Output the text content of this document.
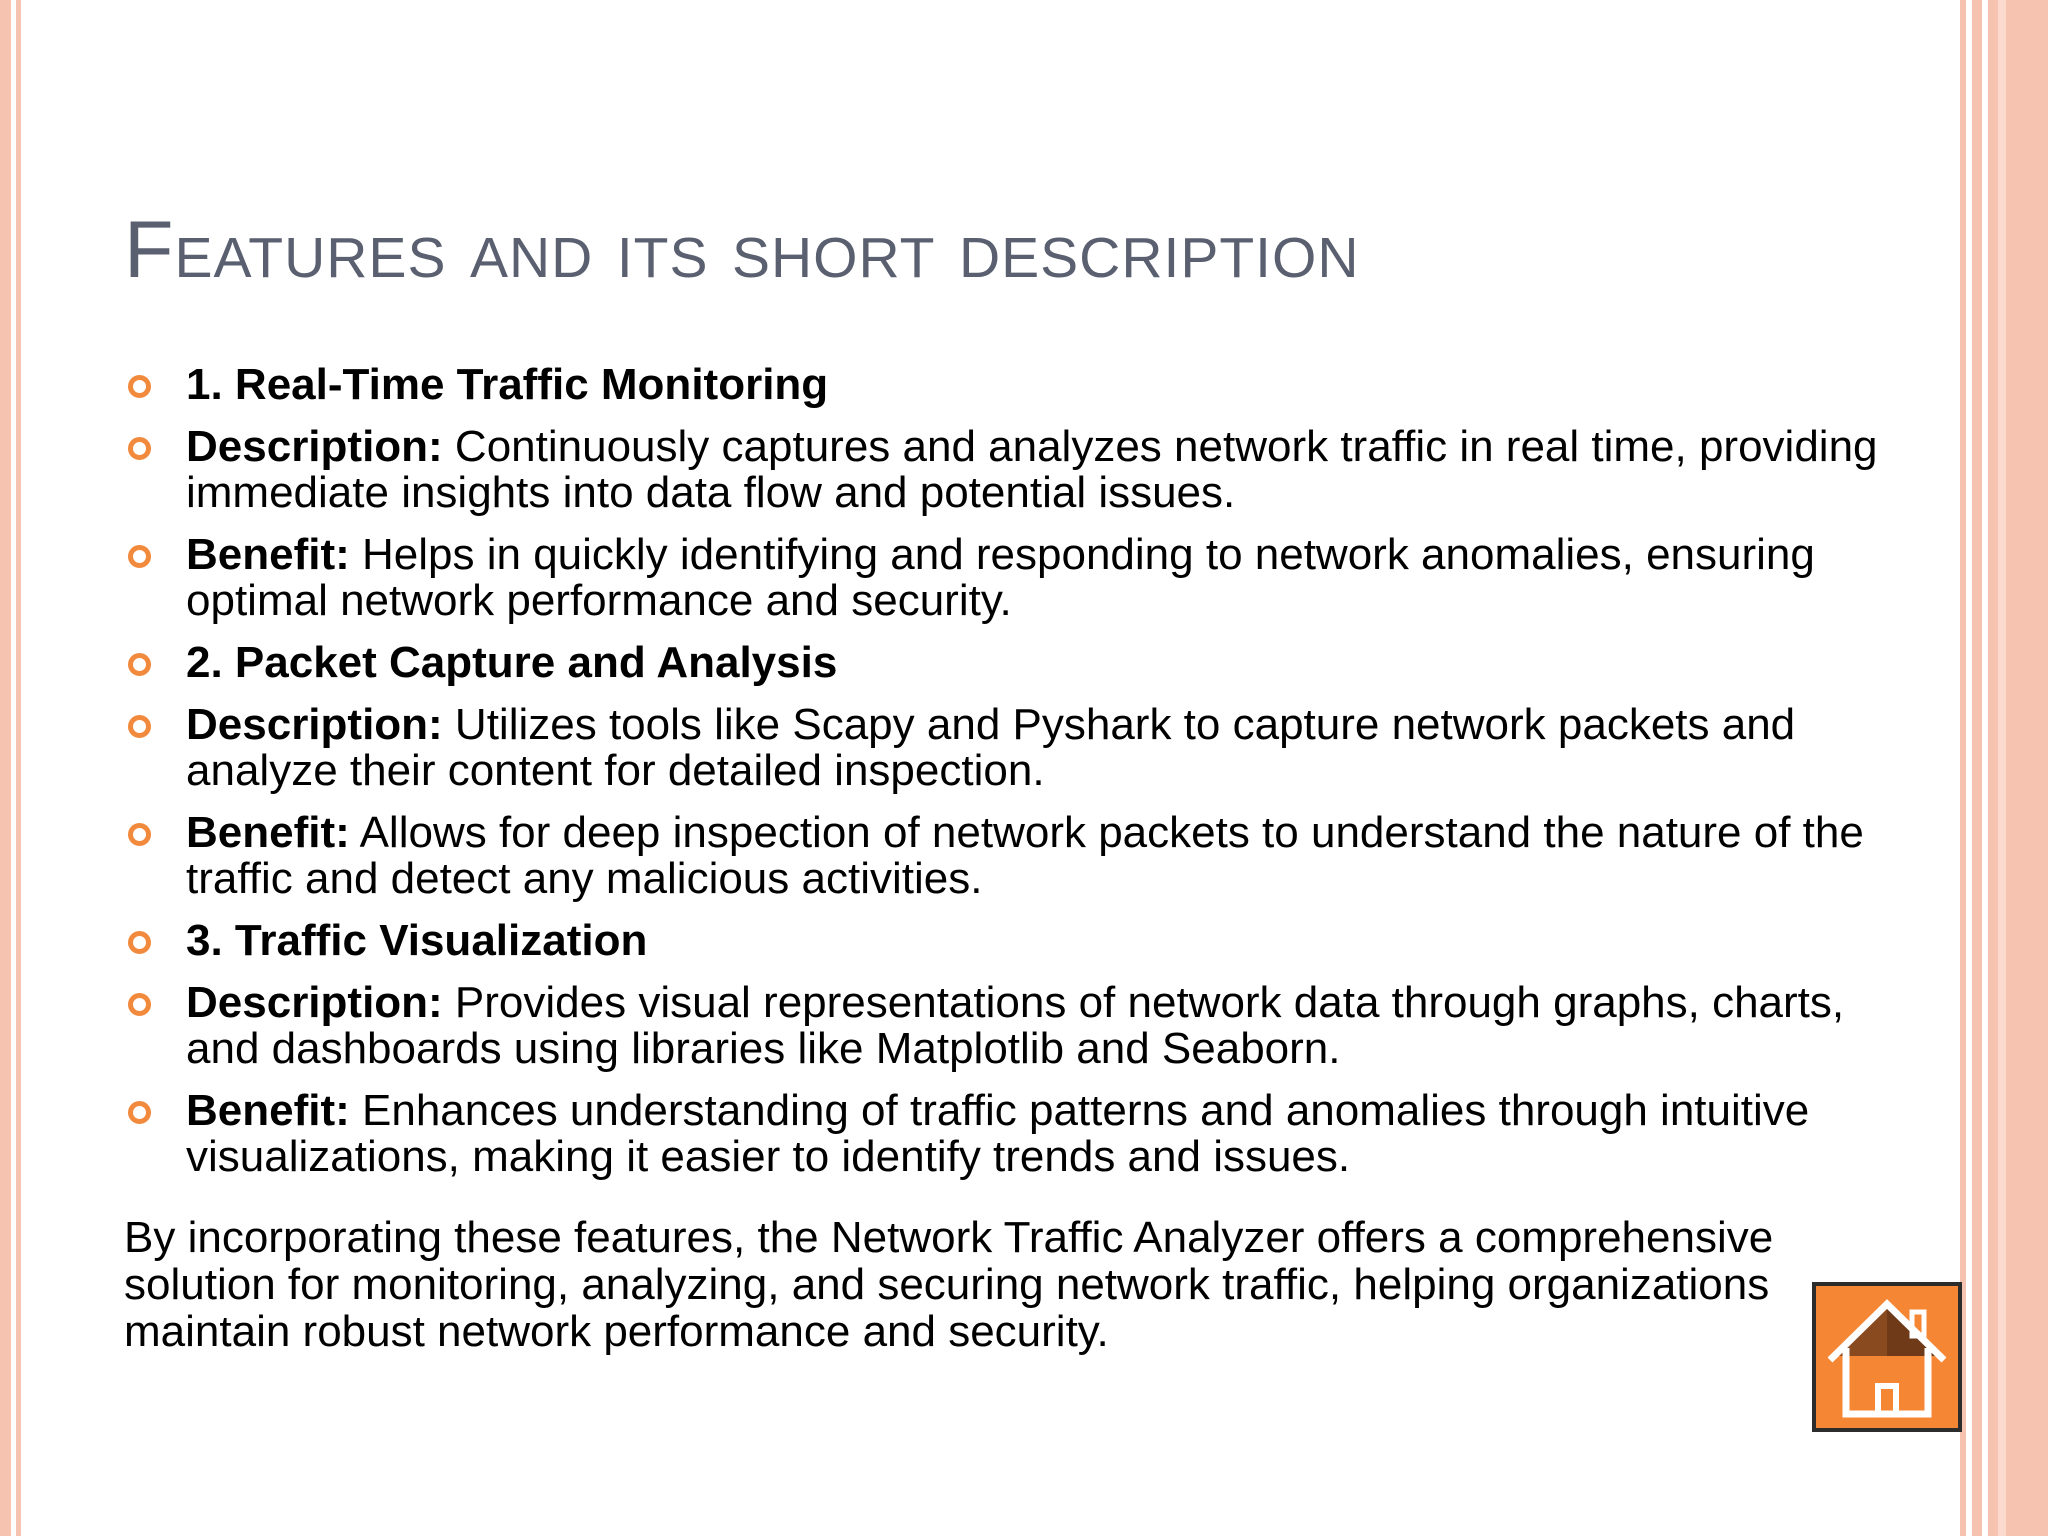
Features and its short description
1. Real-Time Traffic Monitoring
Description: Continuously captures and analyzes network traffic in real time, providing immediate insights into data flow and potential issues.
Benefit: Helps in quickly identifying and responding to network anomalies, ensuring optimal network performance and security.
2. Packet Capture and Analysis
Description: Utilizes tools like Scapy and Pyshark to capture network packets and analyze their content for detailed inspection.
Benefit: Allows for deep inspection of network packets to understand the nature of the traffic and detect any malicious activities.
3. Traffic Visualization
Description: Provides visual representations of network data through graphs, charts, and dashboards using libraries like Matplotlib and Seaborn.
Benefit: Enhances understanding of traffic patterns and anomalies through intuitive visualizations, making it easier to identify trends and issues.

By incorporating these features, the Network Traffic Analyzer offers a comprehensive solution for monitoring, analyzing, and securing network traffic, helping organizations maintain robust network performance and security.
